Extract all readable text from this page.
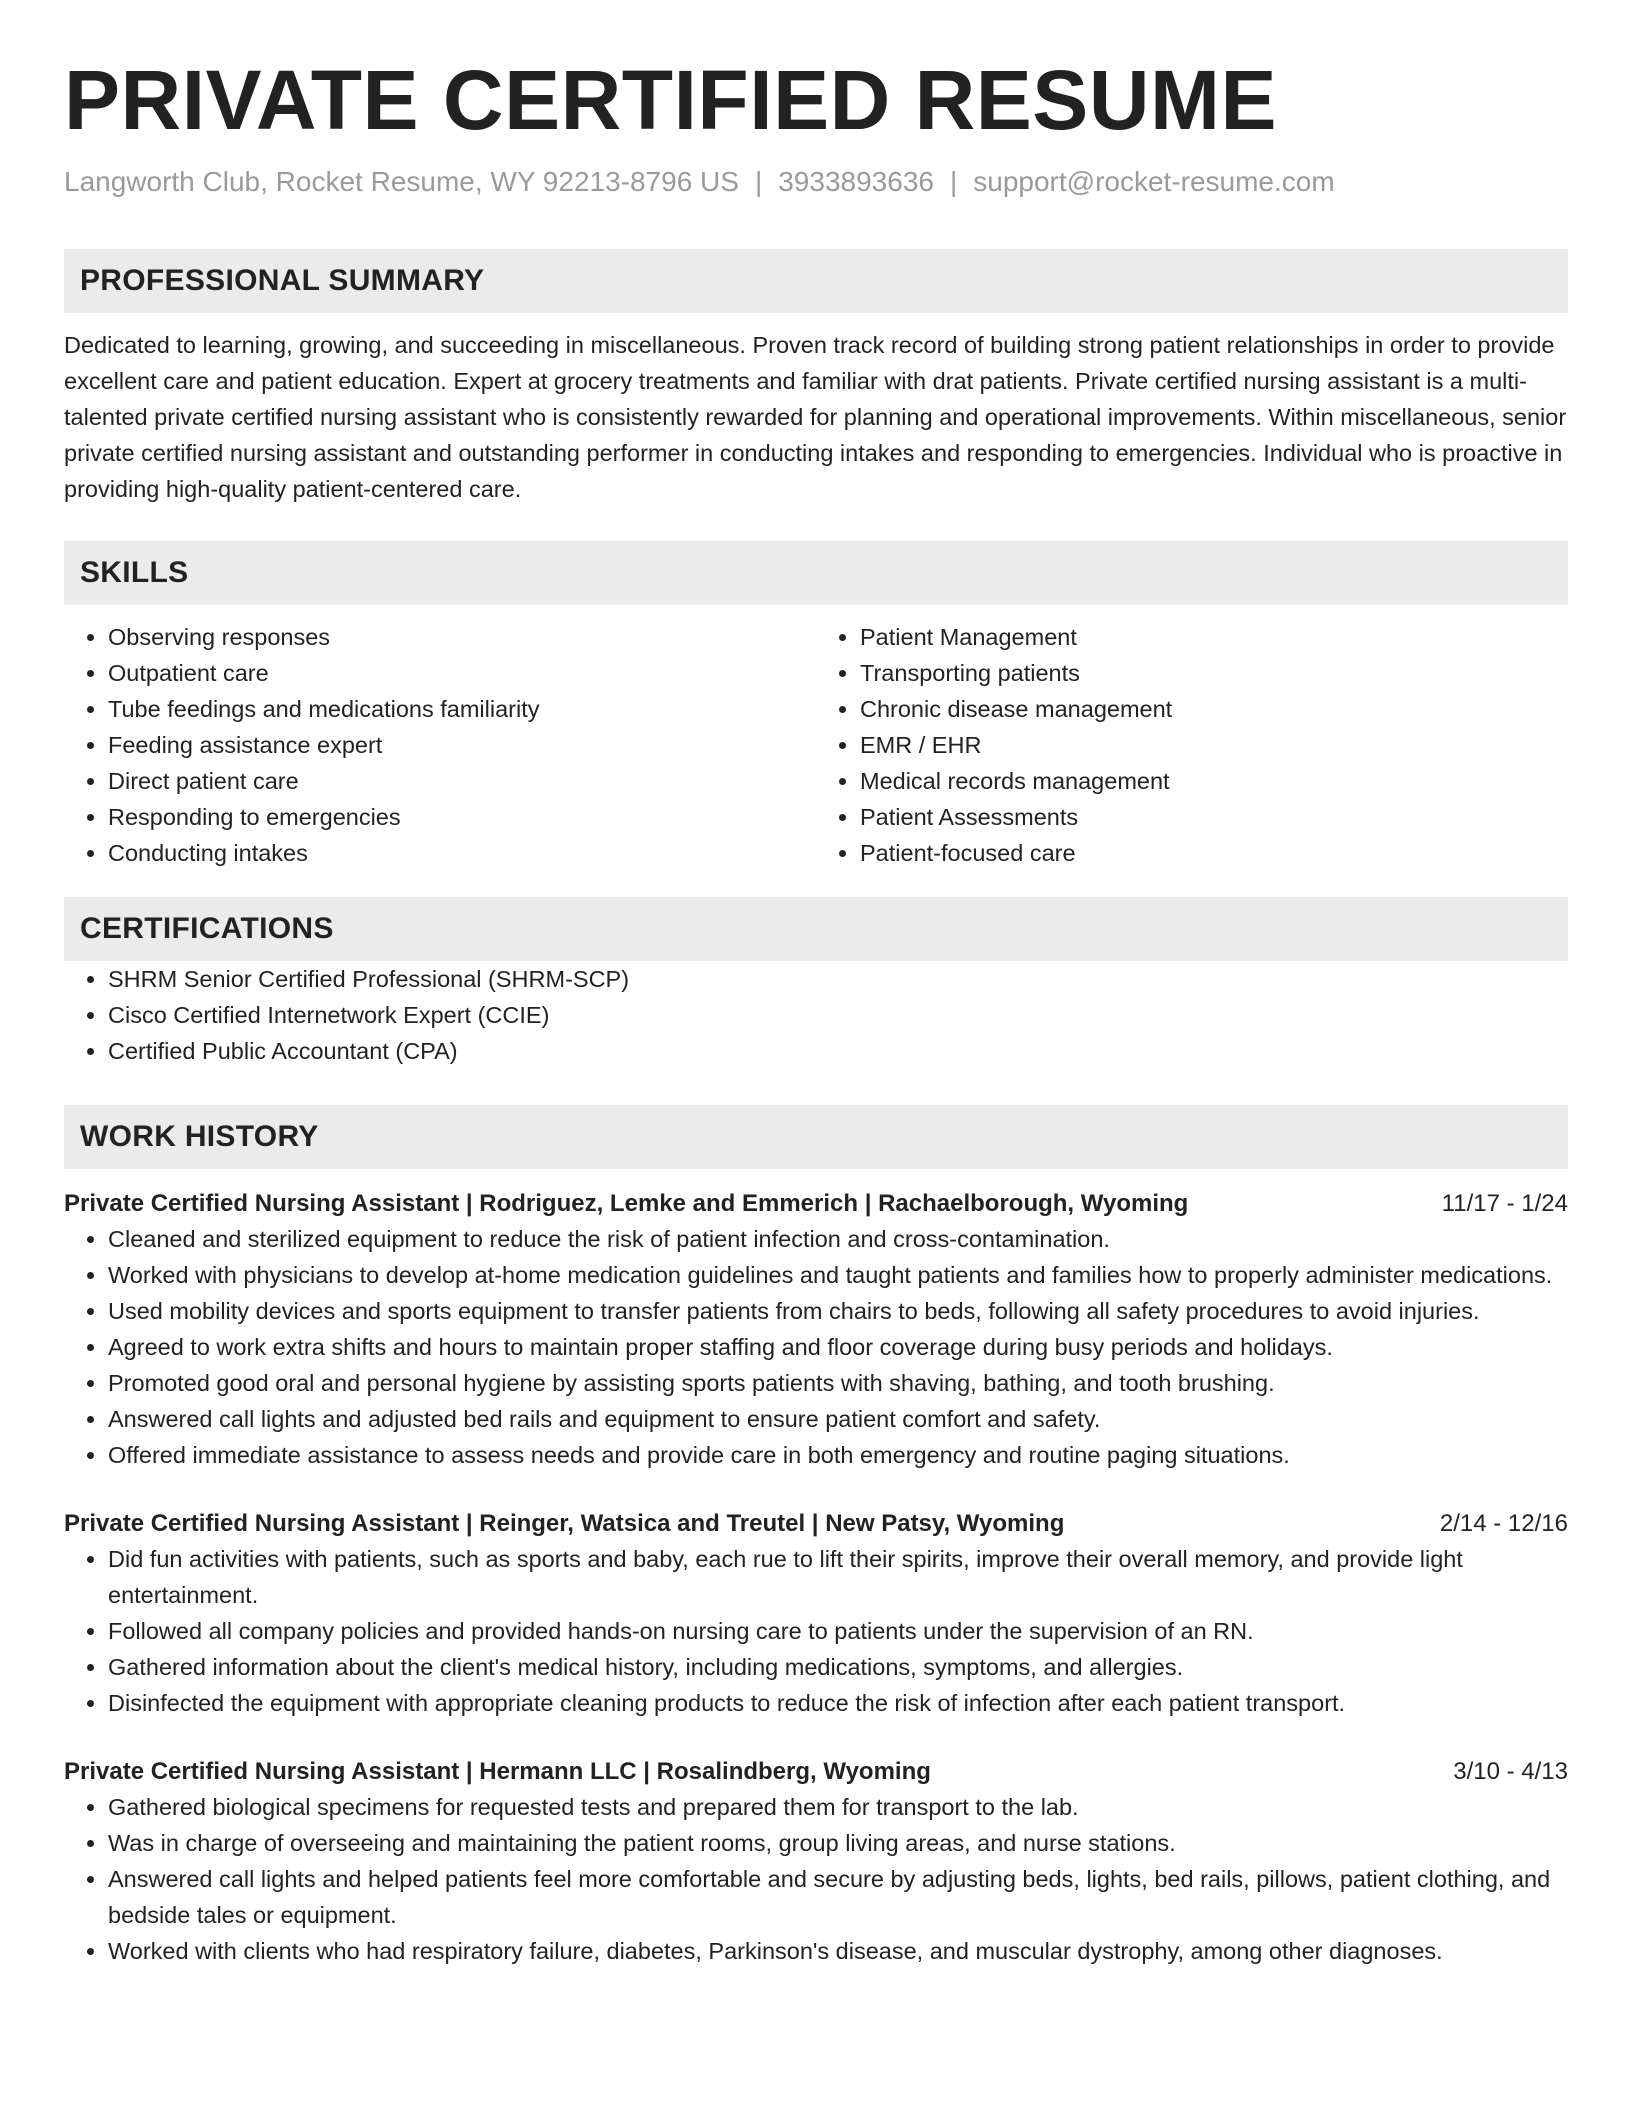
PRIVATE CERTIFIED RESUME
Langworth Club, Rocket Resume, WY 92213-8796 US | 3933893636 | support@rocket-resume.com
PROFESSIONAL SUMMARY

Dedicated to learning, growing, and succeeding in miscellaneous. Proven track record of building strong patient relationships in order to provide excellent care and patient education. Expert at grocery treatments and familiar with drat patients. Private certified nursing assistant is a multi-talented private certified nursing assistant who is consistently rewarded for planning and operational improvements. Within miscellaneous, senior private certified nursing assistant and outstanding performer in conducting intakes and responding to emergencies. Individual who is proactive in providing high-quality patient-centered care.

SKILLS
• Observing responses
• Outpatient care
• Tube feedings and medications familiarity
• Feeding assistance expert
• Direct patient care
• Responding to emergencies
• Conducting intakes
• Patient Management
• Transporting patients
• Chronic disease management
• EMR / EHR
• Medical records management
• Patient Assessments
• Patient-focused care
CERTIFICATIONS
• SHRM Senior Certified Professional (SHRM-SCP)
• Cisco Certified Internetwork Expert (CCIE)
• Certified Public Accountant (CPA)
WORK HISTORY
Private Certified Nursing Assistant | Rodriguez, Lemke and Emmerich | Rachaelborough, Wyoming	11/17 - 1/24
• Cleaned and sterilized equipment to reduce the risk of patient infection and cross-contamination.
• Worked with physicians to develop at-home medication guidelines and taught patients and families how to properly administer medications.
• Used mobility devices and sports equipment to transfer patients from chairs to beds, following all safety procedures to avoid injuries.
• Agreed to work extra shifts and hours to maintain proper staffing and floor coverage during busy periods and holidays.
• Promoted good oral and personal hygiene by assisting sports patients with shaving, bathing, and tooth brushing.
• Answered call lights and adjusted bed rails and equipment to ensure patient comfort and safety.
• Offered immediate assistance to assess needs and provide care in both emergency and routine paging situations.
Private Certified Nursing Assistant | Reinger, Watsica and Treutel | New Patsy, Wyoming	2/14 - 12/16
• Did fun activities with patients, such as sports and baby, each rue to lift their spirits, improve their overall memory, and provide light entertainment.
• Followed all company policies and provided hands-on nursing care to patients under the supervision of an RN.
• Gathered information about the client's medical history, including medications, symptoms, and allergies.
• Disinfected the equipment with appropriate cleaning products to reduce the risk of infection after each patient transport.
Private Certified Nursing Assistant | Hermann LLC | Rosalindberg, Wyoming	3/10 - 4/13
• Gathered biological specimens for requested tests and prepared them for transport to the lab.
• Was in charge of overseeing and maintaining the patient rooms, group living areas, and nurse stations.
• Answered call lights and helped patients feel more comfortable and secure by adjusting beds, lights, bed rails, pillows, patient clothing, and bedside tales or equipment.
• Worked with clients who had respiratory failure, diabetes, Parkinson's disease, and muscular dystrophy, among other diagnoses.
